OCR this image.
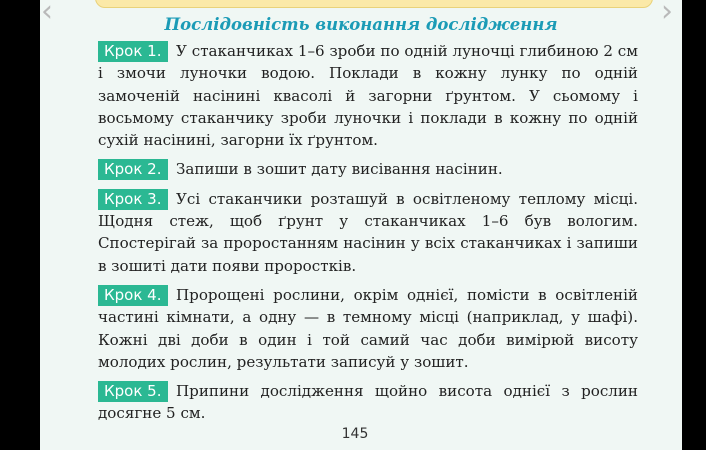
‹	›
Послідовність виконання дослідження
Крок 1. У стаканчиках 1–6 зроби по одній луночці глибиною 2 см і змочи луночки водою. Поклади в кожну лунку по одній замоченій насінині квасолі й загорни ґрунтом. У сьомому і восьмому стаканчику зроби луночки і поклади в кожну по одній сухій насінині, загорни їх ґрунтом.

Крок 2. Запиши в зошит дату висівання насінин.

Крок 3. Усі стаканчики розташуй в освітленому теплому місці. Щодня стеж, щоб ґрунт у стаканчиках 1–6 був вологим. Спостерігай за проростанням насінин у всіх стаканчиках і запиши в зошиті дати появи проростків.

Крок 4. Пророщені рослини, окрім однієї, помісти в освітленій частині кімнати, а одну — в темному місці (наприклад, у шафі). Кожні дві доби в один і той самий час доби вимірюй висоту молодих рослин, результати записуй у зошит.

Крок 5. Припини дослідження щойно висота однієї з рослин досягне 5 см.

145
